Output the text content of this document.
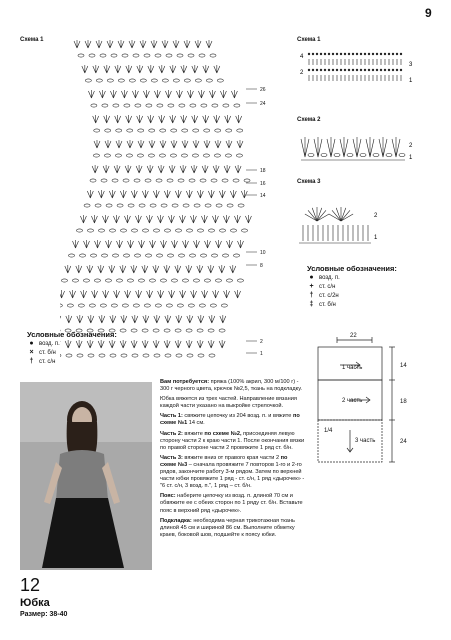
9
Схема 1
26
24
18
16
14
10
8
2
1
Схема 1
4
2
3
1
Схема 2
2
1
Схема 3
2
1
Условные обозначения:
● возд. п.
+ ст. с/н
† ст. с/2н
‡ ст. б/н
Условные обозначения:
● возд. п.
× ст. б/н
† ст. с/н
22
1 часть
2 часть
1/4
3 часть
14
18
24

Вам потребуется: пряжа (100% акрил, 300 м/100 г) - 300 г черного цвета, крючок №2,5, ткань на подкладку.

Юбка вяжется из трех частей. Направление вязания каждой части указано на выкройке стрелочкой.

Часть 1: свяжите цепочку из 204 возд. п. и вяжите по схеме №1 14 см.

Часть 2: вяжите по схеме №2, присоединяя левую сторону части 2 к краю части 1. После окончания вязки по правой стороне части 2 провяжите 1 ряд ст. б/н.

Часть 3: вяжите вниз от правого края части 2 по схеме №3 – сначала провяжите 7 повторов 1-го и 2-го рядов, закончите работу 3-м рядом. Затем по верхней части юбки провяжите 1 ряд - ст. с/н, 1 ряд «дырочек» - "6 ст. с/н, 3 возд. п.", 1 ряд – ст. б/н.

Пояс: наберите цепочку из возд. п. длиной 70 см и обвяжите ее с обеих сторон по 1 ряду ст. б/н. Вставьте пояс в верхний ряд «дырочек».

Подкладка: необходима черная трикотажная ткань длиной 45 см и шириной 86 см. Выполните обметку краев, боковой шов, подшейте к поясу юбки.

12
Юбка
Размер: 38-40
